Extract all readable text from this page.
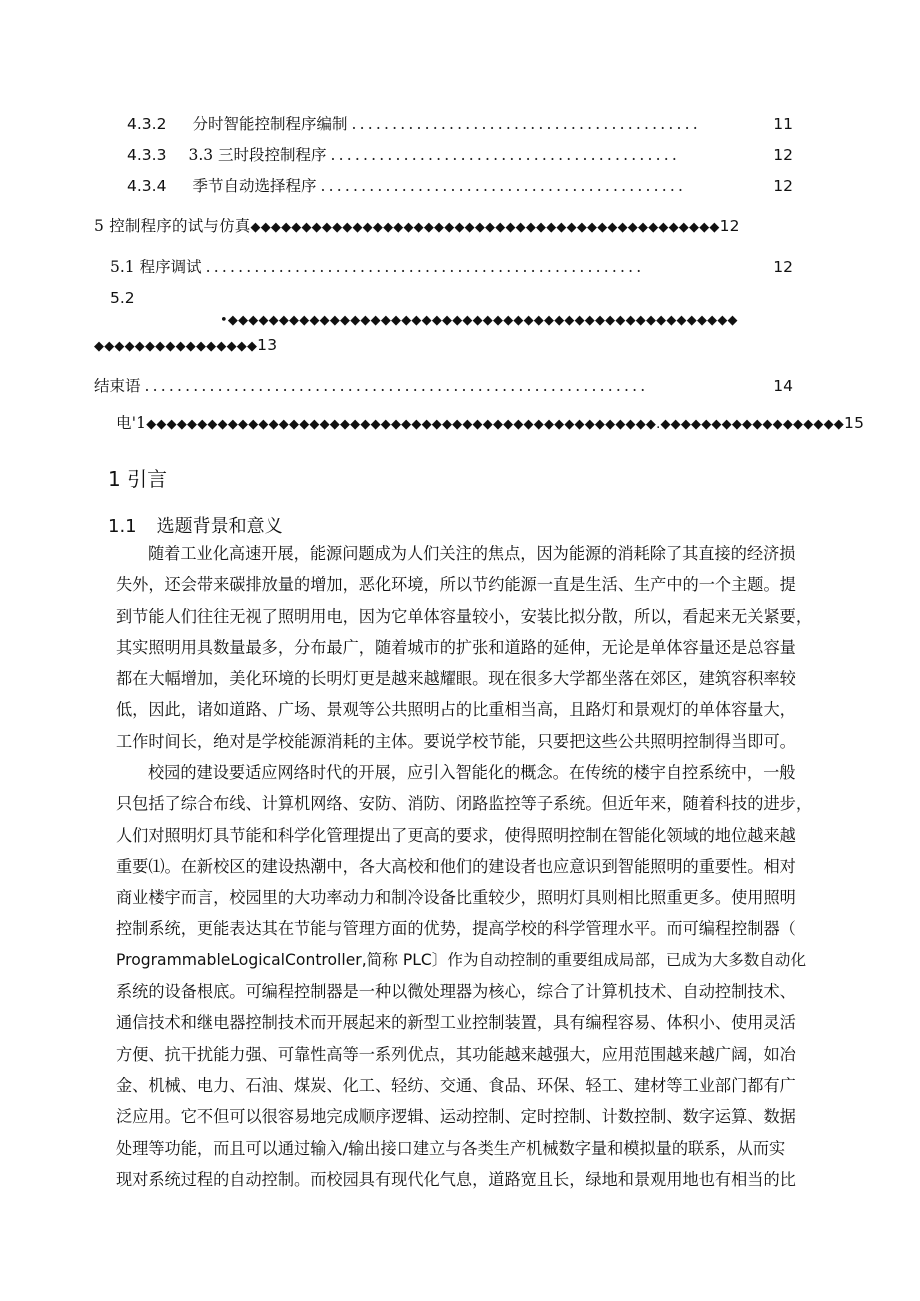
4.3.2 分时智能控制程序编制 ...........................................	11
4.3.3 3.3 三时段控制程序 ...........................................	12
4.3.4 季节自动选择程序 .............................................	12
5 控制程序的试与仿真◆◆◆◆◆◆◆◆◆◆◆◆◆◆◆◆◆◆◆◆◆◆◆◆◆◆◆◆◆◆◆◆◆◆◆◆◆◆◆◆◆◆◆◆◆◆12
5.1 程序调试 ......................................................	12
5.2
•◆◆◆◆◆◆◆◆◆◆◆◆◆◆◆◆◆◆◆◆◆◆◆◆◆◆◆◆◆◆◆◆◆◆◆◆◆◆◆◆◆◆◆◆◆◆◆◆◆◆
◆◆◆◆◆◆◆◆◆◆◆◆◆◆◆◆13
结束语 ..............................................................	14
电'1◆◆◆◆◆◆◆◆◆◆◆◆◆◆◆◆◆◆◆◆◆◆◆◆◆◆◆◆◆◆◆◆◆◆◆◆◆◆◆◆◆◆◆◆◆◆◆◆◆◆.◆◆◆◆◆◆◆◆◆◆◆◆◆◆◆◆◆◆15
1 引言
1.1 选题背景和意义
随着工业化高速开展，能源问题成为人们关注的焦点，因为能源的消耗除了其直接的经济损
失外，还会带来碳排放量的增加，恶化环境，所以节约能源一直是生活、生产中的一个主题。提
到节能人们往往无视了照明用电，因为它单体容量较小，安装比拟分散，所以，看起来无关紧要，
其实照明用具数量最多，分布最广，随着城市的扩张和道路的延伸，无论是单体容量还是总容量
都在大幅增加，美化环境的长明灯更是越来越耀眼。现在很多大学都坐落在郊区，建筑容积率较
低，因此，诸如道路、广场、景观等公共照明占的比重相当高，且路灯和景观灯的单体容量大，
工作时间长，绝对是学校能源消耗的主体。要说学校节能，只要把这些公共照明控制得当即可。
校园的建设要适应网络时代的开展，应引入智能化的概念。在传统的楼宇自控系统中，一般
只包括了综合布线、计算机网络、安防、消防、闭路监控等子系统。但近年来，随着科技的进步，
人们对照明灯具节能和科学化管理提出了更高的要求，使得照明控制在智能化领域的地位越来越
重要⑴。在新校区的建设热潮中，各大高校和他们的建设者也应意识到智能照明的重要性。相对
商业楼宇而言，校园里的大功率动力和制冷设备比重较少，照明灯具则相比照重更多。使用照明
控制系统，更能表达其在节能与管理方面的优势，提高学校的科学管理水平。而可编程控制器（
ProgrammableLogicalController,简称 PLC〕作为自动控制的重要组成局部，已成为大多数自动化
系统的设备根底。可编程控制器是一种以微处理器为核心，综合了计算机技术、自动控制技术、
通信技术和继电器控制技术而开展起来的新型工业控制装置，具有编程容易、体积小、使用灵活
方便、抗干扰能力强、可靠性高等一系列优点，其功能越来越强大，应用范围越来越广阔，如冶
金、机械、电力、石油、煤炭、化工、轻纺、交通、食品、环保、轻工、建材等工业部门都有广
泛应用。它不但可以很容易地完成顺序逻辑、运动控制、定时控制、计数控制、数字运算、数据
处理等功能，而且可以通过输入/输出接口建立与各类生产机械数字量和模拟量的联系，从而实
现对系统过程的自动控制。而校园具有现代化气息，道路宽且长，绿地和景观用地也有相当的比
